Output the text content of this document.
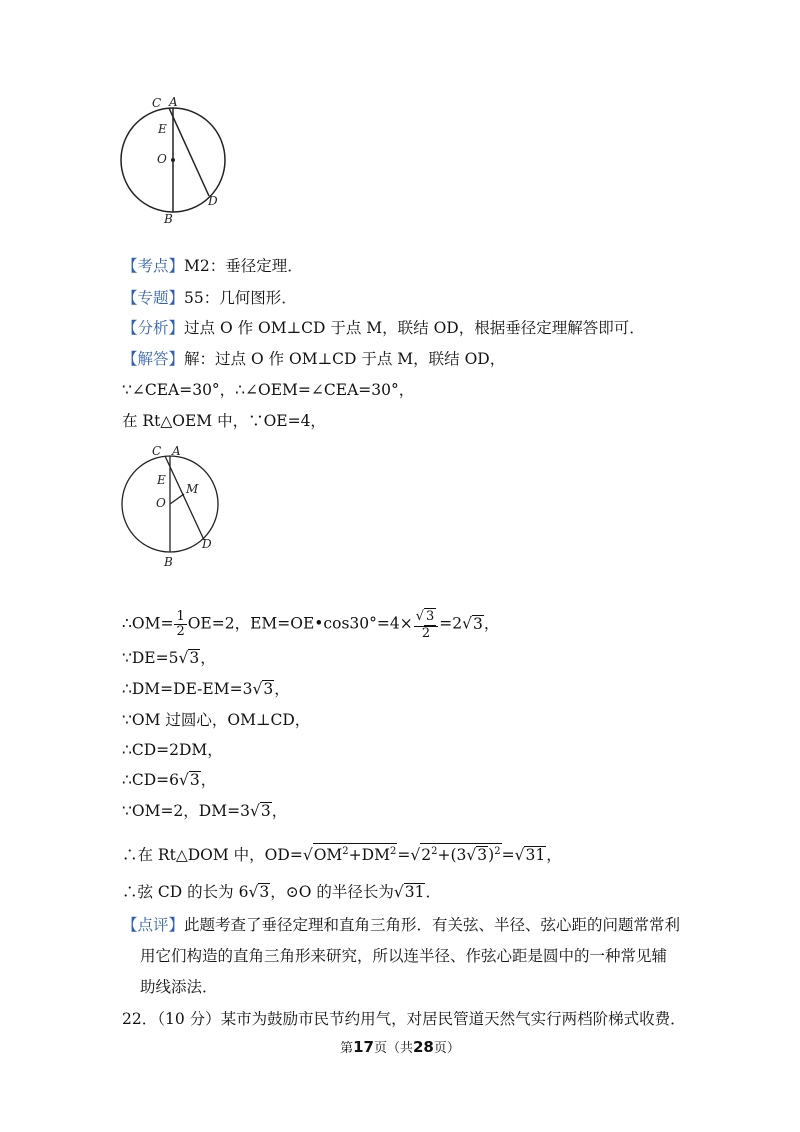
C A
E
O
D
B
【考点】M2：垂径定理．
【专题】55：几何图形．
【分析】过点 O 作 OM⊥CD 于点 M，联结 OD，根据垂径定理解答即可．
【解答】解：过点 O 作 OM⊥CD 于点 M，联结 OD，
∵∠CEA=30°，∴∠OEM=∠CEA=30°，
在 Rt△OEM 中，∵OE=4，
C A
E
M
O
D
B
∴OM= $\frac{1}{2} OE=2$，EM=OE•cos30°=4× $\frac{√ 3}{2} =2√3$，
∵DE=5√3，
∴DM=DE-EM=3√3，
∵OM 过圆心，OM⊥CD，
∴CD=2DM，
∴CD=6√3，
∵OM=2，DM=3√3，
∴在 Rt△DOM 中，$OD=√OM^2+DM^2=√2^2+(3√3)^2=√31$，
∴弦 CD 的长为 6√3，⊙O 的半径长为√31．
【点评】此题考查了垂径定理和直角三角形．有关弦、半径、弦心距的问题常常利
用它们构造的直角三角形来研究，所以连半径、作弦心距是圆中的一种常见辅
助线添法．
22．（10 分）某市为鼓励市民节约用气，对居民管道天然气实行两档阶梯式收费．
第17页（共28页）
